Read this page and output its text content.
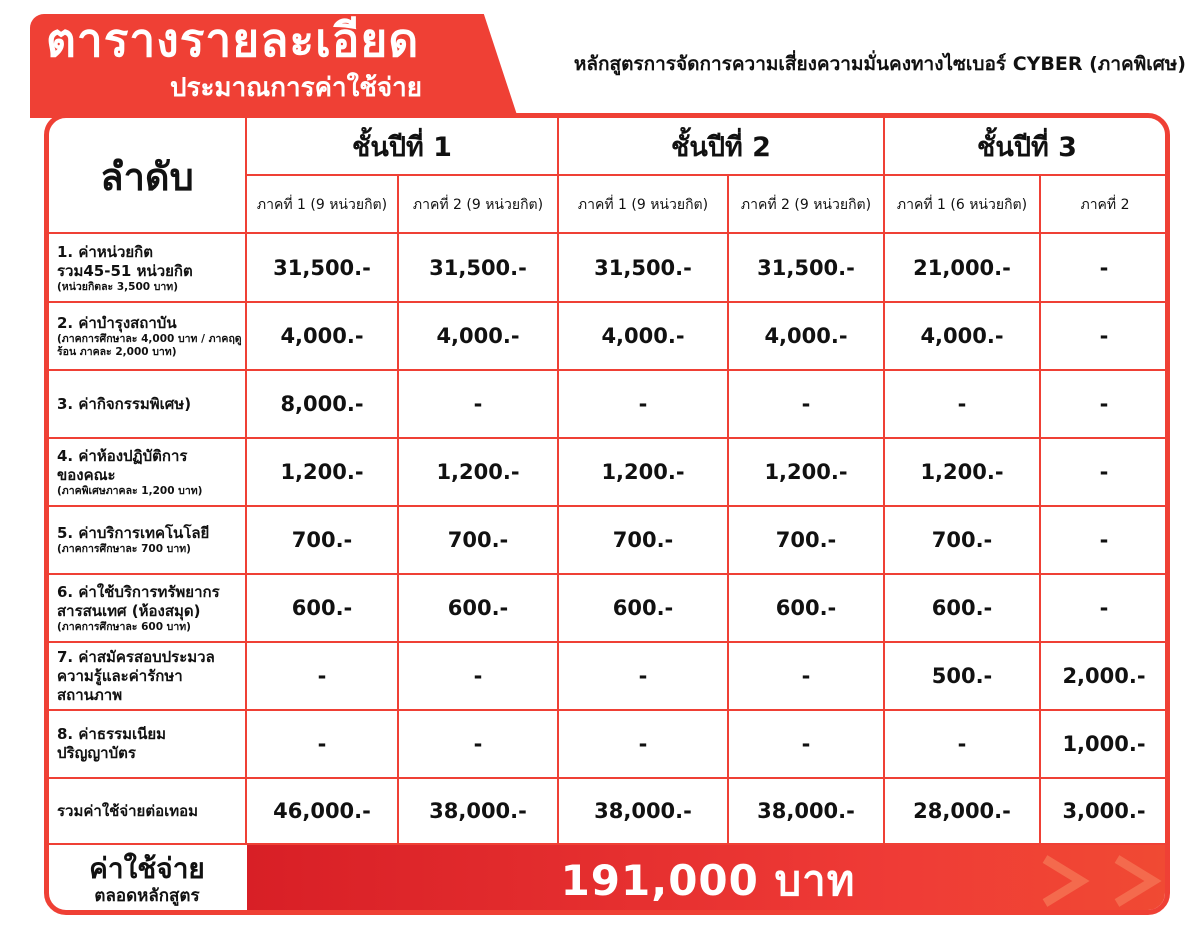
ตารางรายละเอียด
ประมาณการค่าใช้จ่าย
หลักสูตรการจัดการความเสี่ยงความมั่นคงทางไซเบอร์ CYBER (ภาคพิเศษ)
ลำดับ
ชั้นปีที่ 1	ชั้นปีที่ 2	ชั้นปีที่ 3
ภาคที่ 1 (9 หน่วยกิต)	ภาคที่ 2 (9 หน่วยกิต)	ภาคที่ 1 (9 หน่วยกิต)	ภาคที่ 2 (9 หน่วยกิต)	ภาคที่ 1 (6 หน่วยกิต)	ภาคที่ 2
1. ค่าหน่วยกิต
รวม45-51 หน่วยกิต
(หน่วยกิตละ 3,500 บาท)
31,500.-	31,500.-	31,500.-	31,500.-	21,000.-	-
2. ค่าบำรุงสถาบัน
(ภาคการศึกษาละ 4,000 บาท / ภาคฤดูร้อน ภาคละ 2,000 บาท)
4,000.-	4,000.-	4,000.-	4,000.-	4,000.-	-
3. ค่ากิจกรรมพิเศษ)	8,000.-	-	-	-	-	-
4. ค่าห้องปฏิบัติการ
ของคณะ
(ภาคพิเศษภาคละ 1,200 บาท)
1,200.-	1,200.-	1,200.-	1,200.-	1,200.-	-
5. ค่าบริการเทคโนโลยี
(ภาคการศึกษาละ 700 บาท)	700.-	700.-	700.-	700.-	700.-	-
6. ค่าใช้บริการทรัพยากร
สารสนเทศ (ห้องสมุด)
(ภาคการศึกษาละ 600 บาท)
600.-	600.-	600.-	600.-	600.-	-
7. ค่าสมัครสอบประมวล
ความรู้และค่ารักษาสถานภาพ
-	-	-	-	500.-	2,000.-
8. ค่าธรรมเนียม
ปริญญาบัตร	-	-	-	-	-	1,000.-
รวมค่าใช้จ่ายต่อเทอม	46,000.-	38,000.-	38,000.-	38,000.-	28,000.-	3,000.-
ค่าใช้จ่าย
ตลอดหลักสูตร	191,000 บาท
